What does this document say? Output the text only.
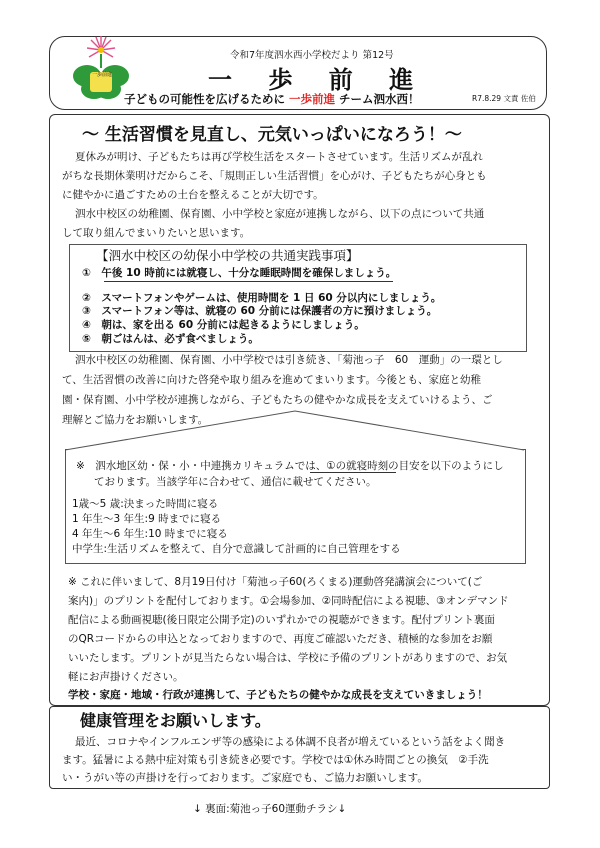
一歩前進
令和7年度泗水西小学校だより 第12号
一 歩 前 進
子どもの可能性を広げるために 一歩前進 チーム泗水西！	R7.8.29 文責 佐伯
～ 生活習慣を見直し、元気いっぱいになろう！～
夏休みが明け、子どもたちは再び学校生活をスタートさせています。生活リズムが乱れ
がちな長期休業明けだからこそ、「規則正しい生活習慣」を心がけ、子どもたちが心身とも
に健やかに過ごすための土台を整えることが大切です。
泗水中校区の幼稚園、保育園、小中学校と家庭が連携しながら、以下の点について共通
して取り組んでまいりたいと思います。
【泗水中校区の幼保小中学校の共通実践事項】
①　午後 10 時前には就寝し、十分な睡眠時間を確保しましょう。
②　スマートフォンやゲームは、使用時間を 1 日 60 分以内にしましょう。
③　スマートフォン等は、就寝の 60 分前には保護者の方に預けましょう。
④　朝は、家を出る 60 分前には起きるようにしましょう。
⑤　朝ごはんは、必ず食べましょう。
泗水中校区の幼稚園、保育園、小中学校では引き続き、「菊池っ子　60　運動」の一環とし
て、生活習慣の改善に向けた啓発や取り組みを進めてまいります。今後とも、家庭と幼稚
園・保育園、小中学校が連携しながら、子どもたちの健やかな成長を支えていけるよう、ご
理解とご協力をお願いします。
※　泗水地区幼・保・小・中連携カリキュラムでは、①の就寝時刻の目安を以下のようにし
ております。当該学年に合わせて、通信に載せてください。
1歳～5 歳:決まった時間に寝る
1 年生～3 年生:9 時までに寝る
4 年生～6 年生:10 時までに寝る
中学生:生活リズムを整えて、自分で意識して計画的に自己管理をする
※ これに伴いまして、8月19日付け「菊池っ子60(ろくまる)運動啓発講演会について(ご
案内)」のプリントを配付しております。①会場参加、②同時配信による視聴、③オンデマンド
配信による動画視聴(後日限定公開予定)のいずれかでの視聴ができます。配付プリント裏面
のQRコードからの申込となっておりますので、再度ご確認いただき、積極的な参加をお願
いいたします。プリントが見当たらない場合は、学校に予備のプリントがありますので、お気
軽にお声掛けください。
学校・家庭・地域・行政が連携して、子どもたちの健やかな成長を支えていきましょう！
健康管理をお願いします。
最近、コロナやインフルエンザ等の感染による体調不良者が増えているという話をよく聞き
ます。猛暑による熱中症対策も引き続き必要です。学校では①休み時間ごとの換気　②手洗
い・うがい等の声掛けを行っております。ご家庭でも、ご協力お願いします。
↓ 裏面:菊池っ子60運動チラシ↓
